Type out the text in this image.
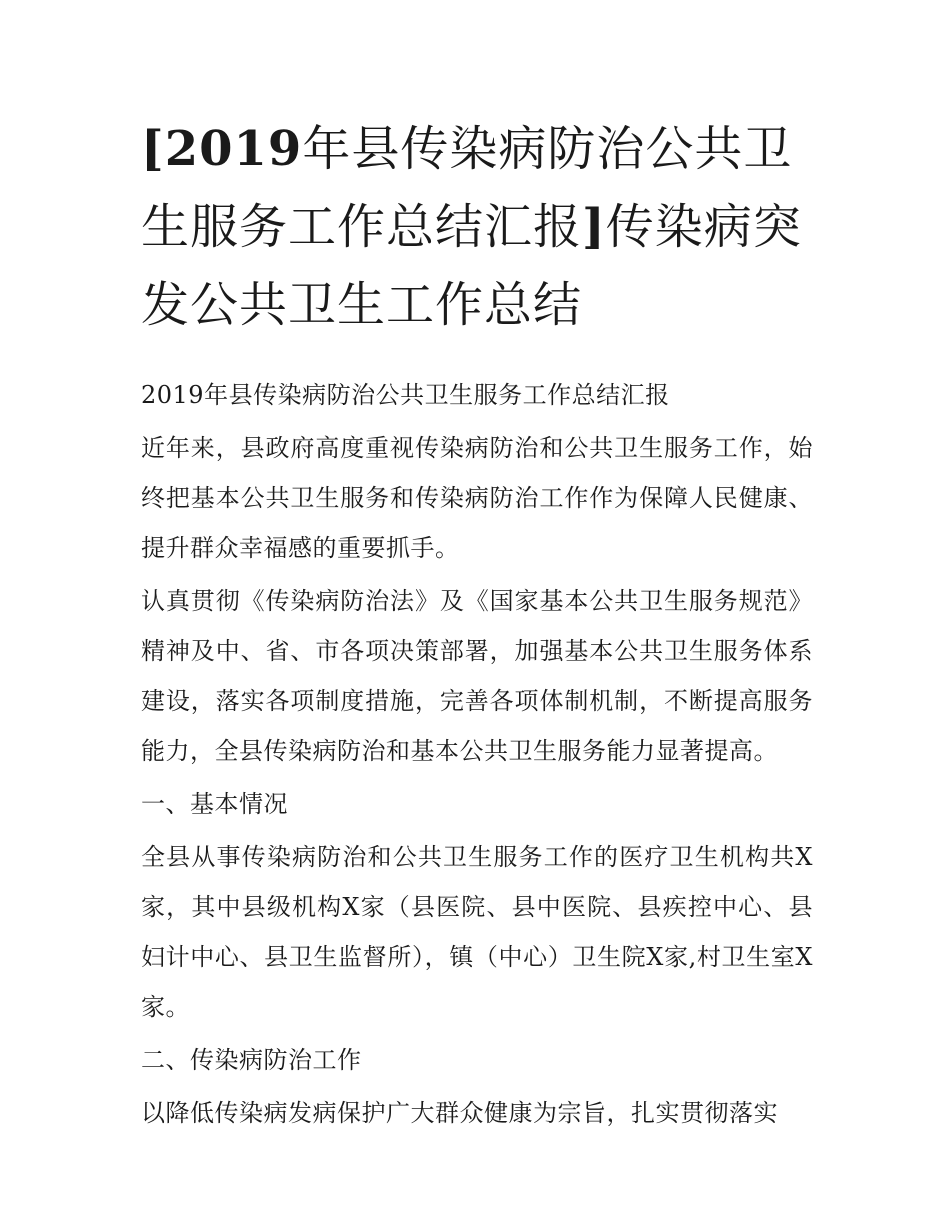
[2019年县传染病防治公共卫生服务工作总结汇报]传染病突发公共卫生工作总结

2019年县传染病防治公共卫生服务工作总结汇报

近年来，县政府高度重视传染病防治和公共卫生服务工作，始终把基本公共卫生服务和传染病防治工作作为保障人民健康、提升群众幸福感的重要抓手。

认真贯彻《传染病防治法》及《国家基本公共卫生服务规范》精神及中、省、市各项决策部署，加强基本公共卫生服务体系建设，落实各项制度措施，完善各项体制机制，不断提高服务能力，全县传染病防治和基本公共卫生服务能力显著提高。

一、基本情况

全县从事传染病防治和公共卫生服务工作的医疗卫生机构共X家，其中县级机构X家（县医院、县中医院、县疾控中心、县妇计中心、县卫生监督所），镇（中心）卫生院X家,村卫生室X家。

二、传染病防治工作

以降低传染病发病保护广大群众健康为宗旨，扎实贯彻落实
